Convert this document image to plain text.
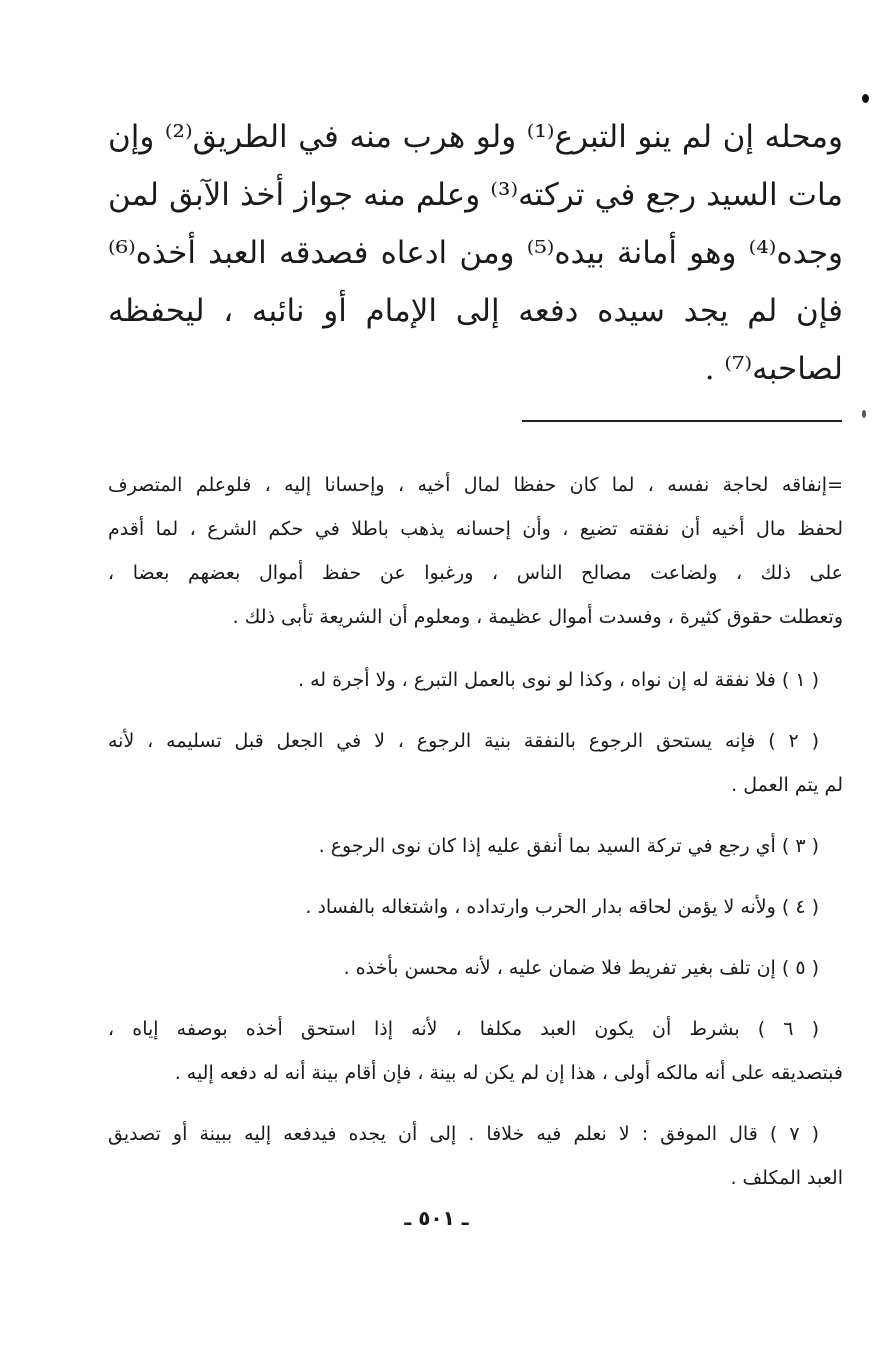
ومحله إن لم ينو التبرع⁽¹⁾ ولو هرب منه في الطريق⁽²⁾ وإن
مات السيد رجع في تركته⁽³⁾ وعلم منه جواز أخذ الآبق لمن
وجده⁽⁴⁾ وهو أمانة بيده⁽⁵⁾ ومن ادعاه فصدقه العبد أخذه⁽⁶⁾
فإن لم يجد سيده دفعه إلى الإمام أو نائبه ، ليحفظه
لصاحبه⁽⁷⁾ .
=إنفاقه لحاجة نفسه ، لما كان حفظا لمال أخيه ، وإحسانا إليه ، فلوعلم المتصرف
لحفظ مال أخيه أن نفقته تضيع ، وأن إحسانه يذهب باطلا في حكم الشرع ، لما أقدم
على ذلك ، ولضاعت مصالح الناس ، ورغبوا عن حفظ أموال بعضهم بعضا ،
وتعطلت حقوق كثيرة ، وفسدت أموال عظيمة ، ومعلوم أن الشريعة تأبى ذلك .
( ١ ) فلا نفقة له إن نواه ، وكذا لو نوى بالعمل التبرع ، ولا أجرة له .
( ٢ ) فإنه يستحق الرجوع بالنفقة بنية الرجوع ، لا في الجعل قبل تسليمه ، لأنه
لم يتم العمل .
( ٣ ) أي رجع في تركة السيد بما أنفق عليه إذا كان نوى الرجوع .
( ٤ ) ولأنه لا يؤمن لحاقه بدار الحرب وارتداده ، واشتغاله بالفساد .
( ٥ ) إن تلف بغير تفريط فلا ضمان عليه ، لأنه محسن بأخذه .
( ٦ ) بشرط أن يكون العبد مكلفا ، لأنه إذا استحق أخذه بوصفه إياه ،
فبتصديقه على أنه مالكه أولى ، هذا إن لم يكن له بينة ، فإن أقام بينة أنه له دفعه إليه .
( ٧ ) قال الموفق : لا نعلم فيه خلافا . إلى أن يجده فيدفعه إليه ببينة أو تصديق
العبد المكلف .
ـ ٥٠١ ـ
